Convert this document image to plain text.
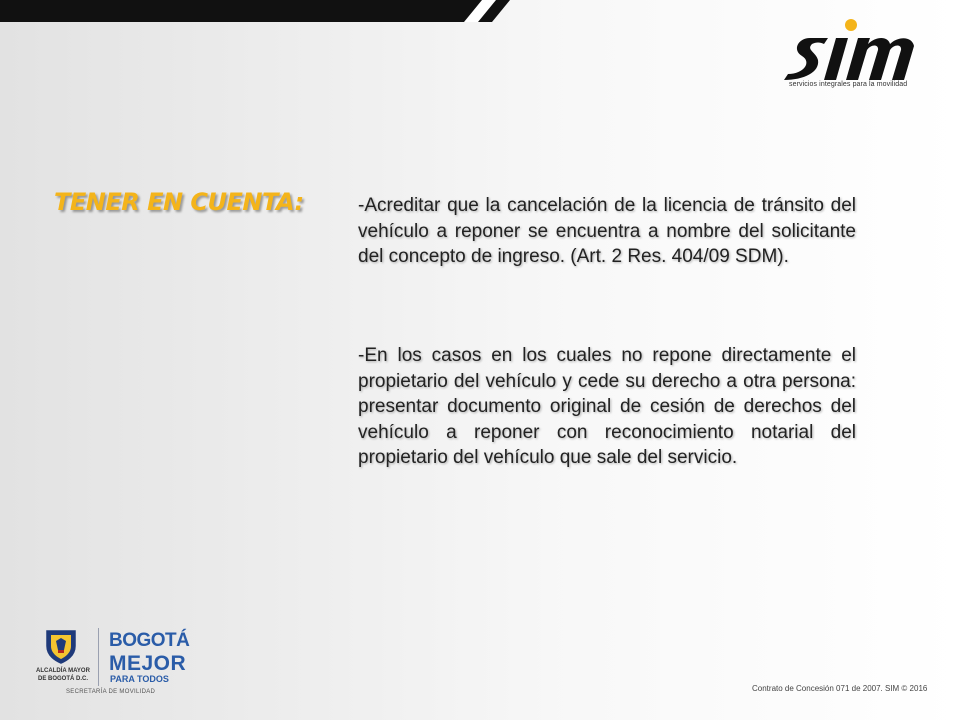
servicios integrales para la movilidad
TENER EN CUENTA:	-Acreditar que la cancelación de la licencia de tránsito del vehículo a reponer se encuentra a nombre del solicitante del concepto de ingreso. (Art. 2 Res. 404/09 SDM).

-En los casos en los cuales no repone directamente el propietario del vehículo y cede su derecho a otra persona: presentar documento original de cesión de derechos del vehículo a reponer con reconocimiento notarial del propietario del vehículo que sale del servicio.

ALCALDÍA MAYOR
DE BOGOTÁ D.C.
BOGOTÁ
MEJOR
PARA TODOS
SECRETARÍA DE MOVILIDAD	Contrato de Concesión 071 de 2007. SIM © 2016
